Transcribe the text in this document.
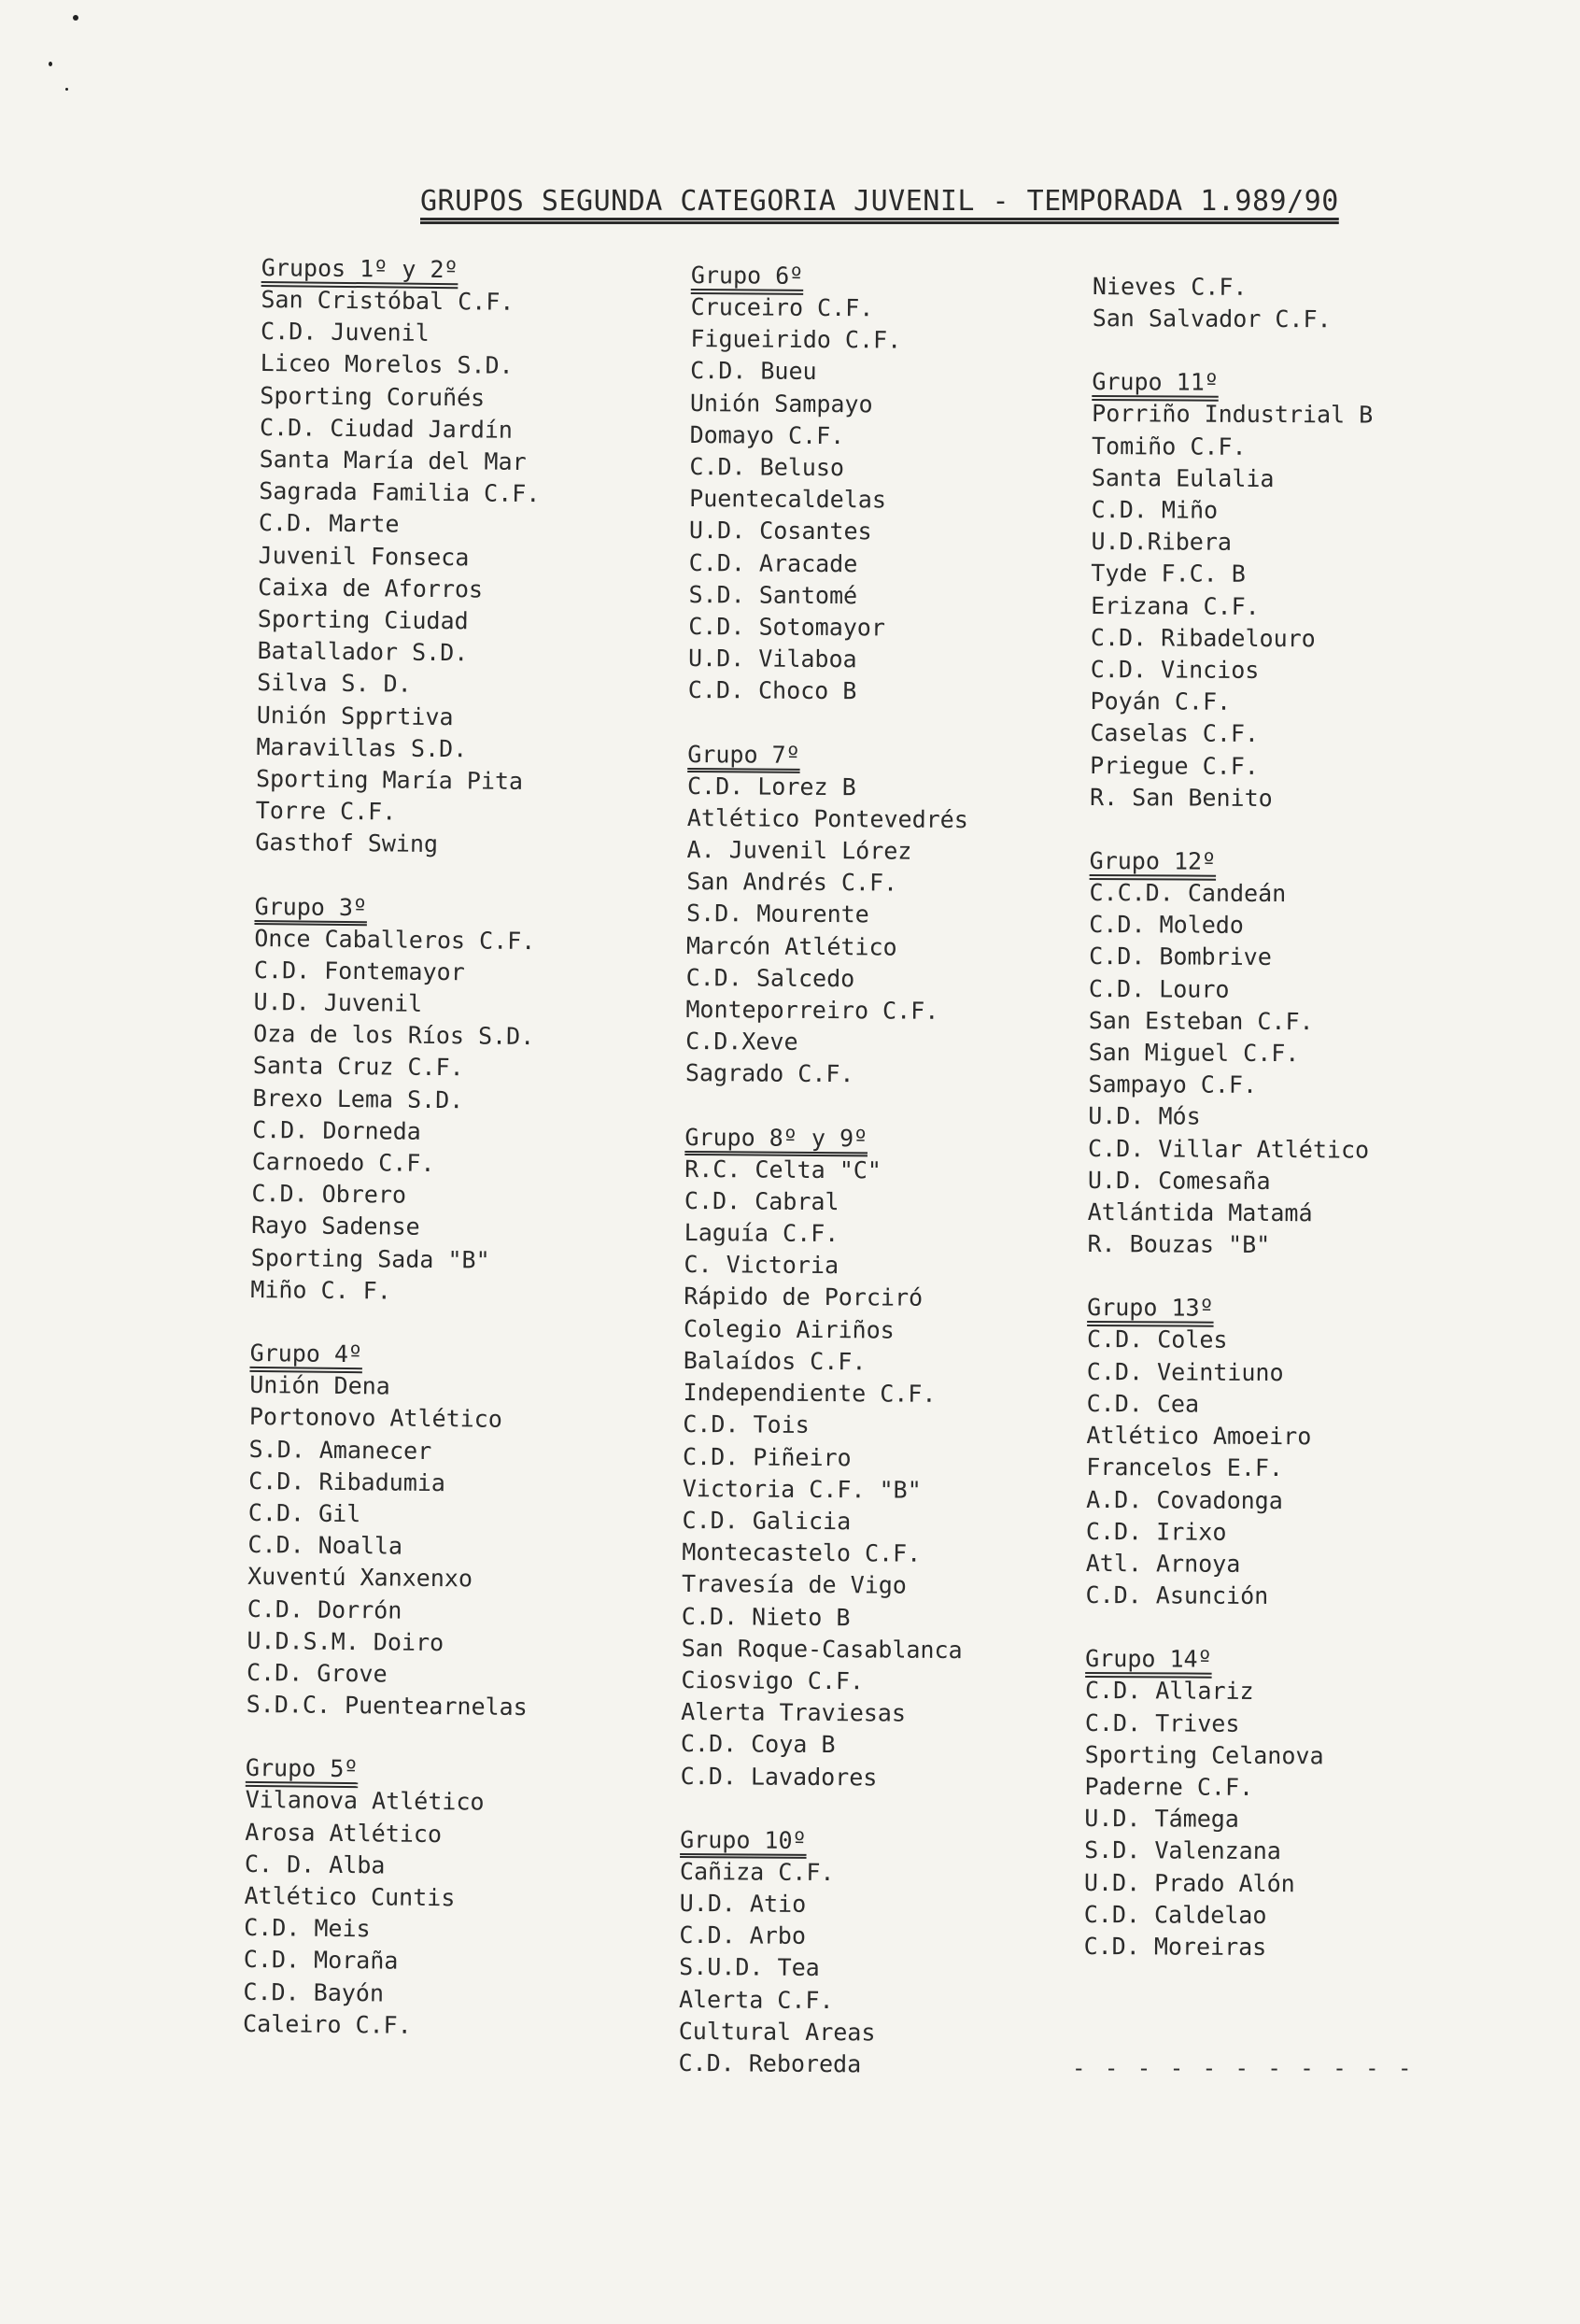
GRUPOS SEGUNDA CATEGORIA JUVENIL - TEMPORADA 1.989/90
Grupos 1º y 2º
San Cristóbal C.F.
C.D. Juvenil
Liceo Morelos S.D.
Sporting Coruñés
C.D. Ciudad Jardín
Santa María del Mar
Sagrada Familia C.F.
C.D. Marte
Juvenil Fonseca
Caixa de Aforros
Sporting Ciudad
Batallador S.D.
Silva S. D.
Unión Spprtiva
Maravillas S.D.
Sporting María Pita
Torre C.F.
Gasthof Swing
Grupo 3º
Once Caballeros C.F.
C.D. Fontemayor
U.D. Juvenil
Oza de los Ríos S.D.
Santa Cruz C.F.
Brexo Lema S.D.
C.D. Dorneda
Carnoedo C.F.
C.D. Obrero
Rayo Sadense
Sporting Sada "B"
Miño C. F.
Grupo 4º
Unión Dena
Portonovo Atlético
S.D. Amanecer
C.D. Ribadumia
C.D. Gil
C.D. Noalla
Xuventú Xanxenxo
C.D. Dorrón
U.D.S.M. Doiro
C.D. Grove
S.D.C. Puentearnelas
Grupo 5º
Vilanova Atlético
Arosa Atlético
C. D. Alba
Atlético Cuntis
C.D. Meis
C.D. Moraña
C.D. Bayón
Caleiro C.F.
Grupo 6º
Cruceiro C.F.
Figueirido C.F.
C.D. Bueu
Unión Sampayo
Domayo C.F.
C.D. Beluso
Puentecaldelas
U.D. Cosantes
C.D. Aracade
S.D. Santomé
C.D. Sotomayor
U.D. Vilaboa
C.D. Choco B
Grupo 7º
C.D. Lorez B
Atlético Pontevedrés
A. Juvenil Lórez
San Andrés C.F.
S.D. Mourente
Marcón Atlético
C.D. Salcedo
Monteporreiro C.F.
C.D.Xeve
Sagrado C.F.
Grupo 8º y 9º
R.C. Celta "C"
C.D. Cabral
Laguía C.F.
C. Victoria
Rápido de Porciró
Colegio Airiños
Balaídos C.F.
Independiente C.F.
C.D. Tois
C.D. Piñeiro
Victoria C.F. "B"
C.D. Galicia
Montecastelo C.F.
Travesía de Vigo
C.D. Nieto B
San Roque-Casablanca
Ciosvigo C.F.
Alerta Traviesas
C.D. Coya B
C.D. Lavadores
Grupo 10º
Cañiza C.F.
U.D. Atio
C.D. Arbo
S.U.D. Tea
Alerta C.F.
Cultural Areas
C.D. Reboreda
Nieves C.F.
San Salvador C.F.
Grupo 11º
Porriño Industrial B
Tomiño C.F.
Santa Eulalia
C.D. Miño
U.D.Ribera
Tyde F.C. B
Erizana C.F.
C.D. Ribadelouro
C.D. Vincios
Poyán C.F.
Caselas C.F.
Priegue C.F.
R. San Benito
Grupo 12º
C.C.D. Candeán
C.D. Moledo
C.D. Bombrive
C.D. Louro
San Esteban C.F.
San Miguel C.F.
Sampayo C.F.
U.D. Mós
C.D. Villar Atlético
U.D. Comesaña
Atlántida Matamá
R. Bouzas "B"
Grupo 13º
C.D. Coles
C.D. Veintiuno
C.D. Cea
Atlético Amoeiro
Francelos E.F.
A.D. Covadonga
C.D. Irixo
Atl. Arnoya
C.D. Asunción
Grupo 14º
C.D. Allariz
C.D. Trives
Sporting Celanova
Paderne C.F.
U.D. Támega
S.D. Valenzana
U.D. Prado Alón
C.D. Caldelao
C.D. Moreiras
- - - - - - - - - - -
